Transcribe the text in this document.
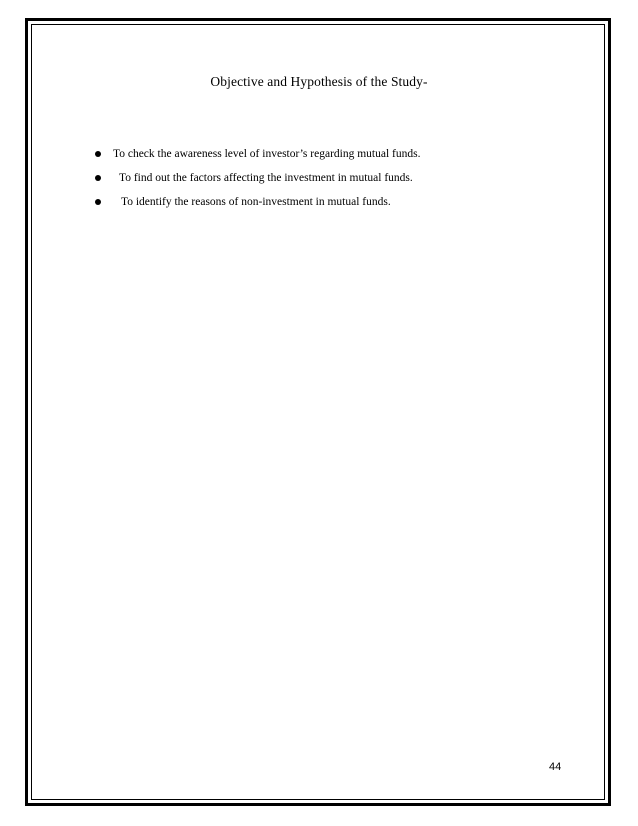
Objective and Hypothesis of the Study-
To check the awareness level of investor’s regarding mutual funds.
To find out the factors affecting the investment in mutual funds.
To identify the reasons of non-investment in mutual funds.
44
